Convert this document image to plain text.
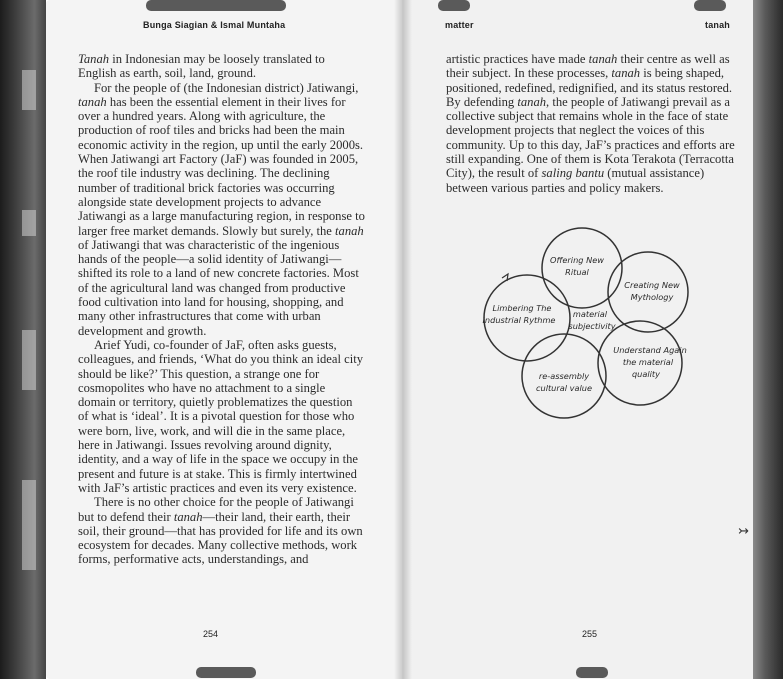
Bunga Siagian & Ismal Muntaha

Tanah in Indonesian may be loosely translated to English as earth, soil, land, ground.

For the people of (the Indonesian district) Jatiwangi, tanah has been the essential element in their lives for over a hundred years. Along with agriculture, the production of roof tiles and bricks had been the main economic activity in the region, up until the early 2000s. When Jatiwangi art Factory (JaF) was founded in 2005, the roof tile industry was declining. The declining number of traditional brick factories was occurring alongside state development projects to advance Jatiwangi as a large manufacturing region, in response to larger free market demands. Slowly but surely, the tanah of Jatiwangi that was characteristic of the ingenious hands of the people—a solid identity of Jatiwangi—shifted its role to a land of new concrete factories. Most of the agricultural land was changed from productive food cultivation into land for housing, shopping, and many other infrastructures that come with urban development and growth.

Arief Yudi, co-founder of JaF, often asks guests, colleagues, and friends, ‘What do you think an ideal city should be like?’ This question, a strange one for cosmopolites who have no attachment to a single domain or territory, quietly problematizes the question of what is ‘ideal’. It is a pivotal question for those who were born, live, work, and will die in the same place, here in Jatiwangi. Issues revolving around dignity, identity, and a way of life in the space we occupy in the present and future is at stake. This is firmly intertwined with JaF’s artistic practices and even its very existence.

There is no other choice for the people of Jatiwangi but to defend their tanah—their land, their earth, their soil, their ground—that has provided for life and its own ecosystem for decades. Many collective methods, work forms, performative acts, understandings, and

254
matter	tanah

artistic practices have made tanah their centre as well as their subject. In these processes, tanah is being shaped, positioned, redefined, redignified, and its status restored. By defending tanah, the people of Jatiwangi prevail as a collective subject that remains whole in the face of state development projects that neglect the voices of this community. Up to this day, JaF’s practices and efforts are still expanding. One of them is Kota Terakota (Terracotta City), the result of saling bantu (mutual assistance) between various parties and policy makers.

Offering New
Ritual
Creating New
Mythology
Understand Again
the material
quality
re-assembly
cultural value
Limbering The
Industrial Rythme
material
subjectivity
255
↣
